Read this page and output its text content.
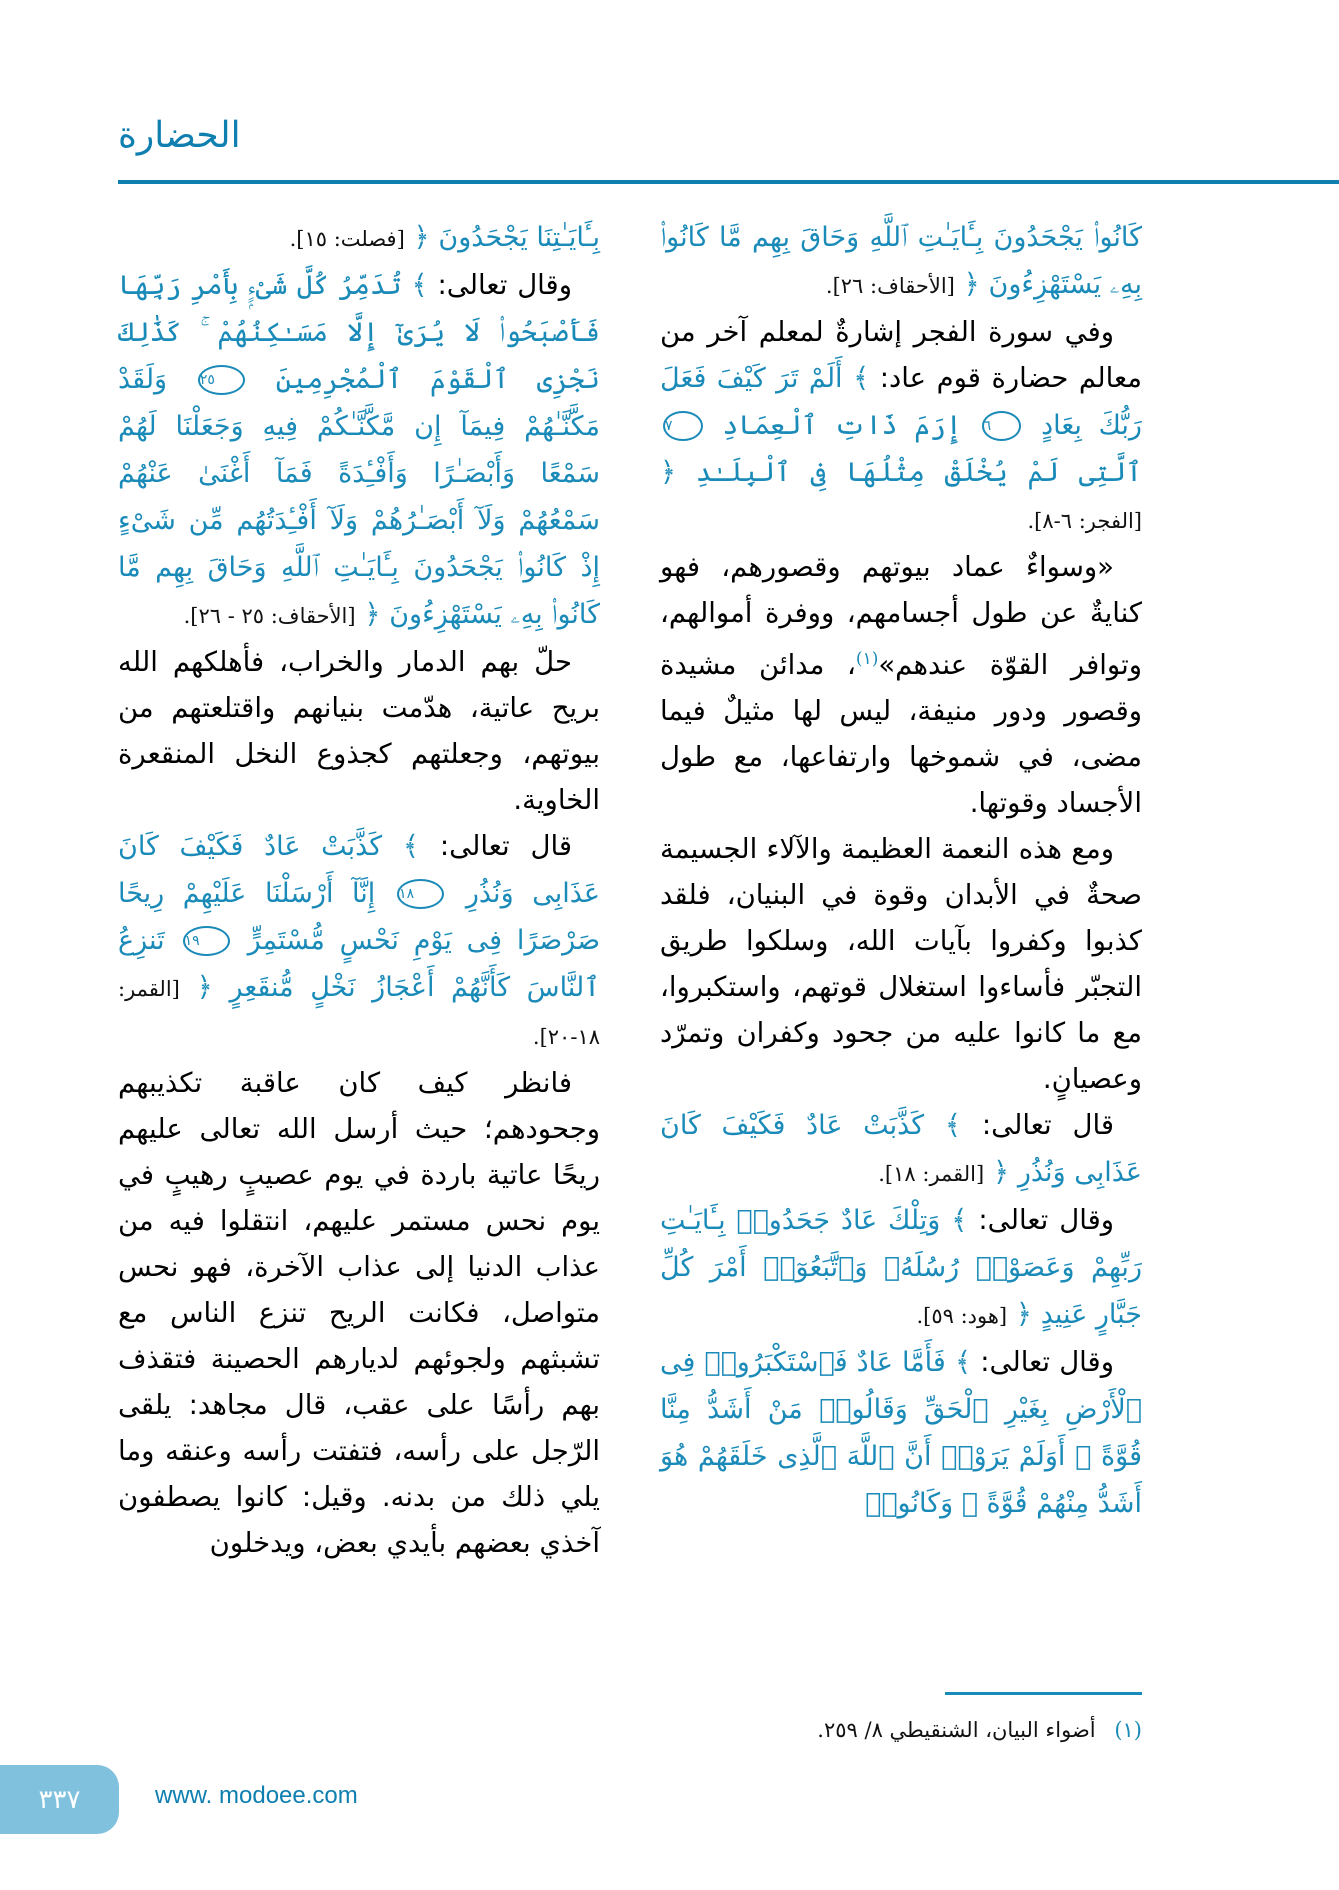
الحضارة

كَانُوا۟ يَجْحَدُونَ بِـَٔايَـٰتِ ٱللَّهِ وَحَاقَ بِهِم مَّا كَانُوا۟ بِهِۦ يَسْتَهْزِءُونَ ﴿ [الأحقاف: ٢٦].

وفي سورة الفجر إشارةٌ لمعلم آخر من معالم حضارة قوم عاد: ﴾ أَلَمْ تَرَ كَيْفَ فَعَلَ رَبُّكَ بِعَادٍ ٦ إِرَمَ ذَاتِ ٱلْعِمَادِ ٧ ٱلَّتِى لَمْ يُخْلَقْ مِثْلُهَا فِى ٱلْبِلَـٰدِ ﴿ [الفجر: ٦-٨].

«وسواءٌ عماد بيوتهم وقصورهم، فهو كنايةٌ عن طول أجسامهم، ووفرة أموالهم، وتوافر القوّة عندهم»$^{(١)}$، مدائن مشيدة وقصور ودور منيفة، ليس لها مثيلٌ فيما مضى، في شموخها وارتفاعها، مع طول الأجساد وقوتها.

ومع هذه النعمة العظيمة والآلاء الجسيمة صحةٌ في الأبدان وقوة في البنيان، فلقد كذبوا وكفروا بآيات الله، وسلكوا طريق التجبّر فأساءوا استغلال قوتهم، واستكبروا، مع ما كانوا عليه من جحود وكفران وتمرّد وعصيانٍ.

قال تعالى: ﴾ كَذَّبَتْ عَادٌ فَكَيْفَ كَانَ عَذَابِى وَنُذُرِ ﴿ [القمر: ١٨].

وقال تعالى: ﴾ وَتِلْكَ عَادٌ جَحَدُوا۟ بِـَٔايَـٰتِ رَبِّهِمْ وَعَصَوْا۟ رُسُلَهُۥ وَٱتَّبَعُوٓا۟ أَمْرَ كُلِّ جَبَّارٍ عَنِيدٍ ﴿ [هود: ٥٩].

وقال تعالى: ﴾ فَأَمَّا عَادٌ فَٱسْتَكْبَرُوا۟ فِى ٱلْأَرْضِ بِغَيْرِ ٱلْحَقِّ وَقَالُوا۟ مَنْ أَشَدُّ مِنَّا قُوَّةً ۖ أَوَلَمْ يَرَوْا۟ أَنَّ ٱللَّهَ ٱلَّذِى خَلَقَهُمْ هُوَ أَشَدُّ مِنْهُمْ قُوَّةً ۖ وَكَانُوا۟

بِـَٔايَـٰتِنَا يَجْحَدُونَ ﴿ [فصلت: ١٥].

وقال تعالى: ﴾ تُدَمِّرُ كُلَّ شَىْءٍۭ بِأَمْرِ رَبِّهَا فَأَصْبَحُوا۟ لَا يُرَىٰٓ إِلَّا مَسَـٰكِنُهُمْ ۚ كَذَٰلِكَ نَجْزِى ٱلْقَوْمَ ٱلْمُجْرِمِينَ ٢٥ وَلَقَدْ مَكَّنَّـٰهُمْ فِيمَآ إِن مَّكَّنَّـٰكُمْ فِيهِ وَجَعَلْنَا لَهُمْ سَمْعًا وَأَبْصَـٰرًا وَأَفْـِٔدَةً فَمَآ أَغْنَىٰ عَنْهُمْ سَمْعُهُمْ وَلَآ أَبْصَـٰرُهُمْ وَلَآ أَفْـِٔدَتُهُم مِّن شَىْءٍ إِذْ كَانُوا۟ يَجْحَدُونَ بِـَٔايَـٰتِ ٱللَّهِ وَحَاقَ بِهِم مَّا كَانُوا۟ بِهِۦ يَسْتَهْزِءُونَ ﴿ [الأحقاف: ٢٥ - ٢٦].

حلّ بهم الدمار والخراب، فأهلكهم الله بريح عاتية، هدّمت بنيانهم واقتلعتهم من بيوتهم، وجعلتهم كجذوع النخل المنقعرة الخاوية.

قال تعالى: ﴾ كَذَّبَتْ عَادٌ فَكَيْفَ كَانَ عَذَابِى وَنُذُرِ ١٨ إِنَّآ أَرْسَلْنَا عَلَيْهِمْ رِيحًا صَرْصَرًا فِى يَوْمِ نَحْسٍ مُّسْتَمِرٍّ ١٩ تَنزِعُ ٱلنَّاسَ كَأَنَّهُمْ أَعْجَازُ نَخْلٍ مُّنقَعِرٍ ﴿ [القمر: ١٨-٢٠].

فانظر كيف كان عاقبة تكذيبهم وجحودهم؛ حيث أرسل الله تعالى عليهم ريحًا عاتية باردة في يوم عصيبٍ رهيبٍ في يوم نحس مستمر عليهم، انتقلوا فيه من عذاب الدنيا إلى عذاب الآخرة، فهو نحس متواصل، فكانت الريح تنزع الناس مع تشبثهم ولجوئهم لديارهم الحصينة فتقذف بهم رأسًا على عقب، قال مجاهد: يلقى الرّجل على رأسه، فتفتت رأسه وعنقه وما يلي ذلك من بدنه. وقيل: كانوا يصطفون آخذي بعضهم بأيدي بعض، ويدخلون

(١) أضواء البيان، الشنقيطي ٨/ ٢٥٩.
٣٣٧	www. modoee.com
